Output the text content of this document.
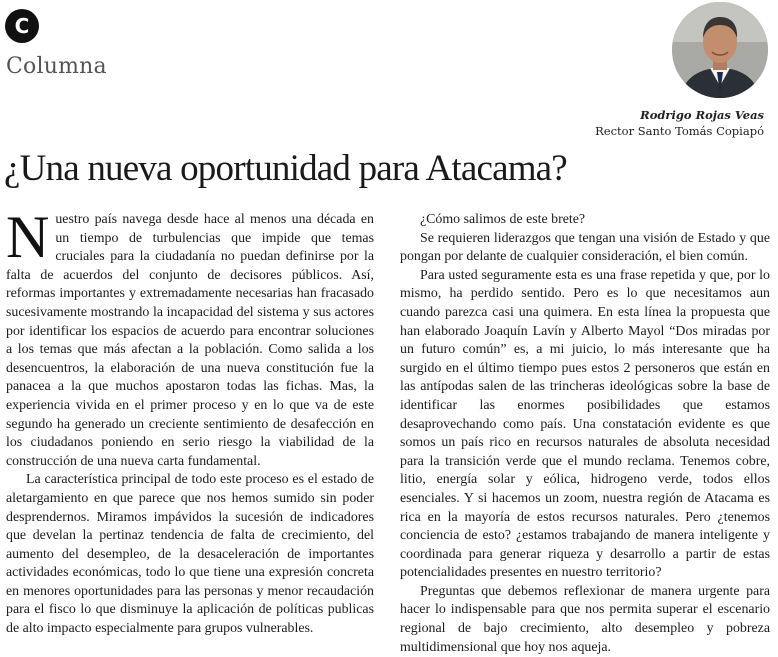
C
Columna
Rodrigo Rojas Veas
Rector Santo Tomás Copiapó
¿Una nueva oportunidad para Atacama?

Nuestro país navega desde hace al menos una década en un tiempo de turbulencias que impide que temas cruciales para la ciudadanía no puedan definirse por la falta de acuerdos del conjunto de decisores públicos. Así, reformas importantes y extremadamente necesarias han fracasado sucesivamente mostrando la incapacidad del sistema y sus actores por identificar los espacios de acuerdo para encontrar soluciones a los temas que más afectan a la población. Como salida a los desencuentros, la elaboración de una nueva constitución fue la panacea a la que muchos apostaron todas las fichas. Mas, la experiencia vivida en el primer proceso y en lo que va de este segundo ha generado un creciente sentimiento de desafección en los ciudadanos poniendo en serio riesgo la viabilidad de la construcción de una nueva carta fundamental.

La característica principal de todo este proceso es el estado de aletargamiento en que parece que nos hemos sumido sin poder desprendernos. Miramos impávidos la sucesión de indicadores que develan la pertinaz tendencia de falta de crecimiento, del aumento del desempleo, de la desaceleración de importantes actividades económicas, todo lo que tiene una expresión concreta en menores oportunidades para las personas y menor recaudación para el fisco lo que disminuye la aplicación de políticas publicas de alto impacto especialmente para grupos vulnerables.

¿Cómo salimos de este brete?

Se requieren liderazgos que tengan una visión de Estado y que pongan por delante de cualquier consideración, el bien común.

Para usted seguramente esta es una frase repetida y que, por lo mismo, ha perdido sentido. Pero es lo que necesitamos aun cuando parezca casi una quimera. En esta línea la propuesta que han elaborado Joaquín Lavín y Alberto Mayol “Dos miradas por un futuro común” es, a mi juicio, lo más interesante que ha surgido en el último tiempo pues estos 2 personeros que están en las antípodas salen de las trincheras ideológicas sobre la base de identificar las enormes posibilidades que estamos desaprovechando como país. Una constatación evidente es que somos un país rico en recursos naturales de absoluta necesidad para la transición verde que el mundo reclama. Tenemos cobre, litio, energía solar y eólica, hidrogeno verde, todos ellos esenciales. Y si hacemos un zoom, nuestra región de Atacama es rica en la mayoría de estos recursos naturales. Pero ¿tenemos conciencia de esto? ¿estamos trabajando de manera inteligente y coordinada para generar riqueza y desarrollo a partir de estas potencialidades presentes en nuestro territorio?

Preguntas que debemos reflexionar de manera urgente para hacer lo indispensable para que nos permita superar el escenario regional de bajo crecimiento, alto desempleo y pobreza multidimensional que hoy nos aqueja.
